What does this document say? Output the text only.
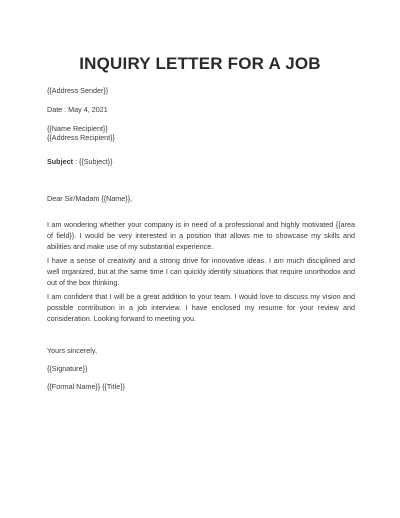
INQUIRY LETTER FOR A JOB

{{Address Sender}}

Date : May 4, 2021

{{Name Recipient}}

{{Address Recipient}}

Subject : {{Subject}}

Dear Sir/Madam {{Name}},

I am wondering whether your company is in need of a professional and highly motivated {{area of field}}. I would be very interested in a position that allows me to showcase my skills and abilities and make use of my substantial experience.

I have a sense of creativity and a strong drive for innovative ideas. I am much disciplined and well organized, but at the same time I can quickly identify situations that require unorthodox and out of the box thinking.

I am confident that I will be a great addition to your team. I would love to discuss my vision and possible contribution in a job interview. I have enclosed my resume for your review and consideration. Looking forward to meeting you.

Yours sincerely,

{{Signature}}

{{Formal Name}} {{Title}}
